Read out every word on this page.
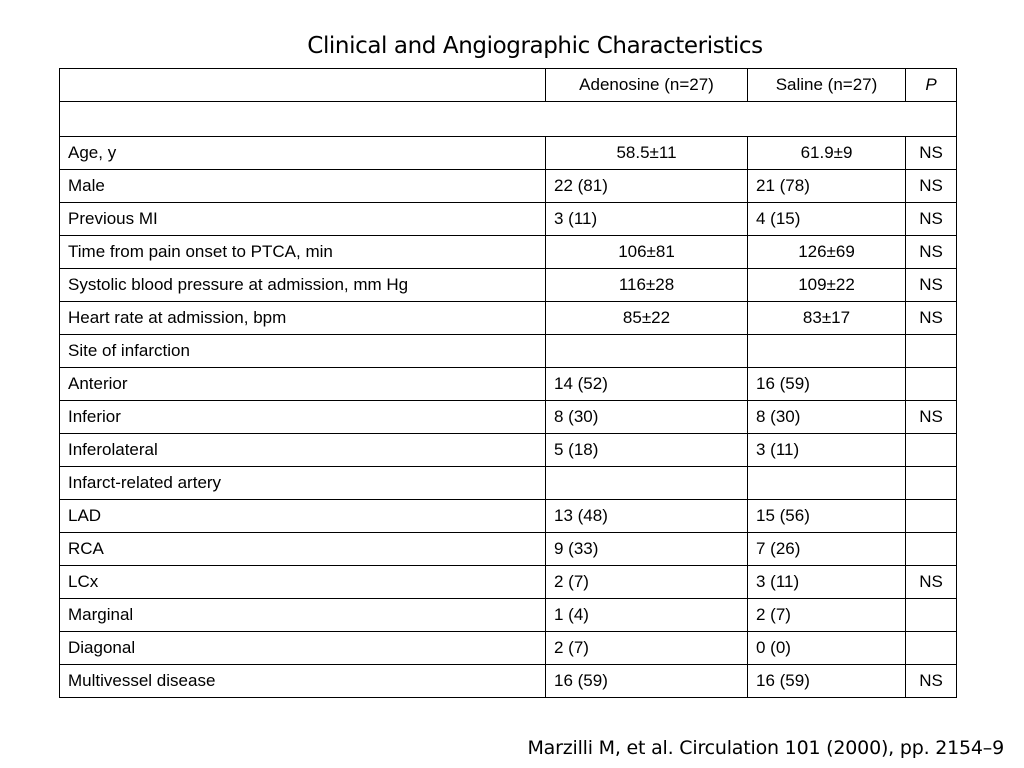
Clinical and Angiographic Characteristics
	Adenosine (n=27)	Saline (n=27)	P

Age, y	58.5±11	61.9±9	NS
Male	22 (81)	21 (78)	NS
Previous MI	3 (11)	4 (15)	NS
Time from pain onset to PTCA, min	106±81	126±69	NS
Systolic blood pressure at admission, mm Hg	116±28	109±22	NS
Heart rate at admission, bpm	85±22	83±17	NS
Site of infarction			
Anterior	14 (52)	16 (59)	
Inferior	8 (30)	8 (30)	NS
Inferolateral	5 (18)	3 (11)	
Infarct-related artery			
LAD	13 (48)	15 (56)	
RCA	9 (33)	7 (26)	
LCx	2 (7)	3 (11)	NS
Marginal	1 (4)	2 (7)	
Diagonal	2 (7)	0 (0)	
Multivessel disease	16 (59)	16 (59)	NS
Marzilli M, et al. Circulation 101 (2000), pp. 2154–9
